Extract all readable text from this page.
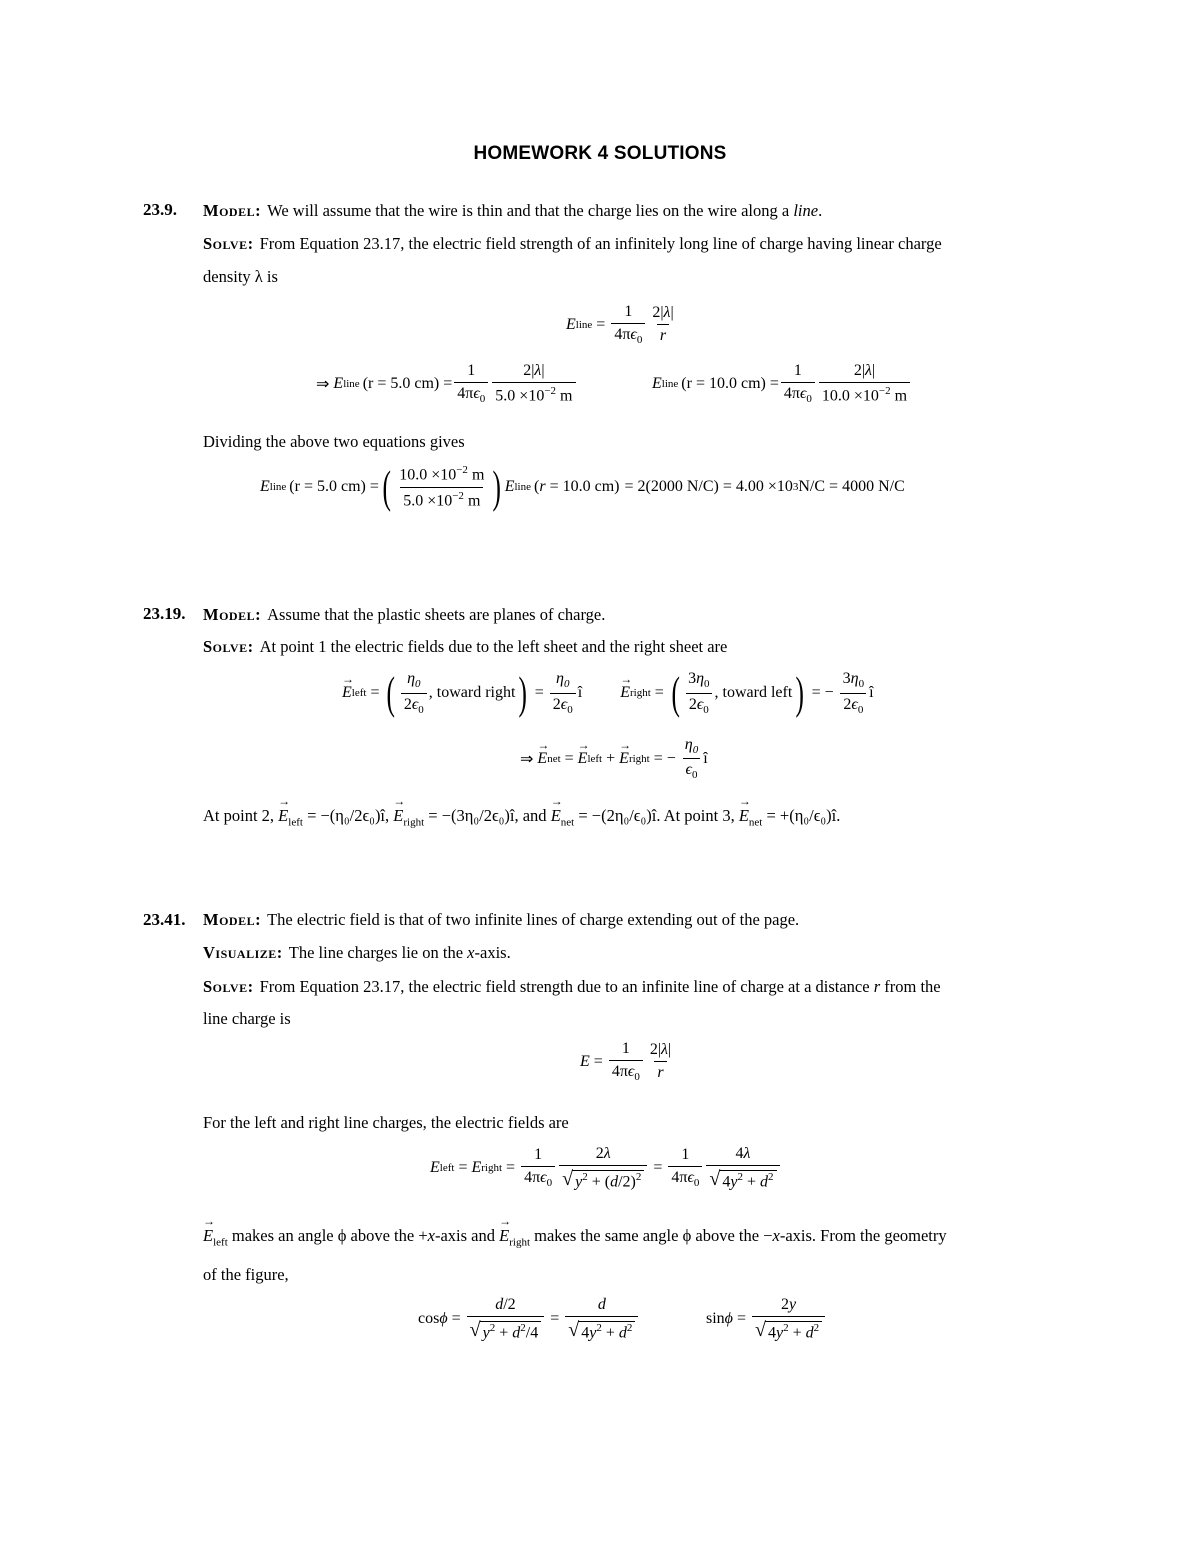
HOMEWORK 4 SOLUTIONS
23.9. Model: We will assume that the wire is thin and that the charge lies on the wire along a line.
Solve: From Equation 23.17, the electric field strength of an infinitely long line of charge having linear charge
density λ is
E line = $\frac{1}{4\pi\epsilon_0} \frac{2|\lambda|}{r}$
⇒ E line (r = 5.0 $cm) = \frac{1}{4\pi\epsilon_0} \frac{2|\lambda|}{5.0 \times 10^{-2} m}$	E line (r = 10.0 $cm) = \frac{1}{4\pi\epsilon_0} \frac{2|\lambda|}{10.0 \times 10^{-2} m}$
Dividing the above two equations gives
E line (r = 5.0 cm) = ( $\frac{10.0 \times 10^{-2} m}{5.0 \times 10^{-2} m}$ ) E line (r = 10.0 cm) = 2(2000 N/C) = 4.00 ×10 3 N/C = 4000 N/C
23.19. Model: Assume that the plastic sheets are planes of charge.
Solve: At point 1 the electric fields due to the left sheet and the right sheet are
→ E left = ( $\frac{\eta_0}{2\epsilon_0}$ , toward right ) = $\frac{\eta_0}{2\epsilon_0}$ î → E right = ( $\frac{3\eta_0}{2\epsilon_0}$ , toward left ) = − $\frac{3\eta_0}{2\epsilon_0}$ î
⇒ → E net = → E left + → E right = − $\frac{\eta_0}{\epsilon_0}$ î
At point 2, → $E_{left}$ = −(η₀/2ϵ₀)î, → $E_{right}$ = −(3η₀/2ϵ₀)î, and → $E_{net}$ = −(2η₀/ϵ₀)î. At point 3, → $E_{net}$ = +(η₀/ϵ₀)î.
23.41. Model: The electric field is that of two infinite lines of charge extending out of the page.
Visualize: The line charges lie on the x-axis.
Solve: From Equation 23.17, the electric field strength due to an infinite line of charge at a distance r from the
line charge is
$E = \frac{1}{4\pi\epsilon_0} \frac{2|\lambda|}{r}$
For the left and right line charges, the electric fields are
E left = E right = $\frac{1}{4\pi\epsilon_0} \frac{2\lambda}{√ y^2 + (d/2)^2} = \frac{1}{4\pi\epsilon_0} \frac{4\lambda}{√ 4y^2 + d^2}$
→ $E_{left}$ makes an angle ϕ above the +x-axis and → $E_{right}$ makes the same angle ϕ above the −x-axis. From the geometry
of the figure,
$\cos\phi = \frac{d/2}{√ y^2 + d^2/4} = \frac{d}{√ 4y^2 + d^2}$	$\sin\phi = \frac{2y}{√ 4y^2 + d^2}$
